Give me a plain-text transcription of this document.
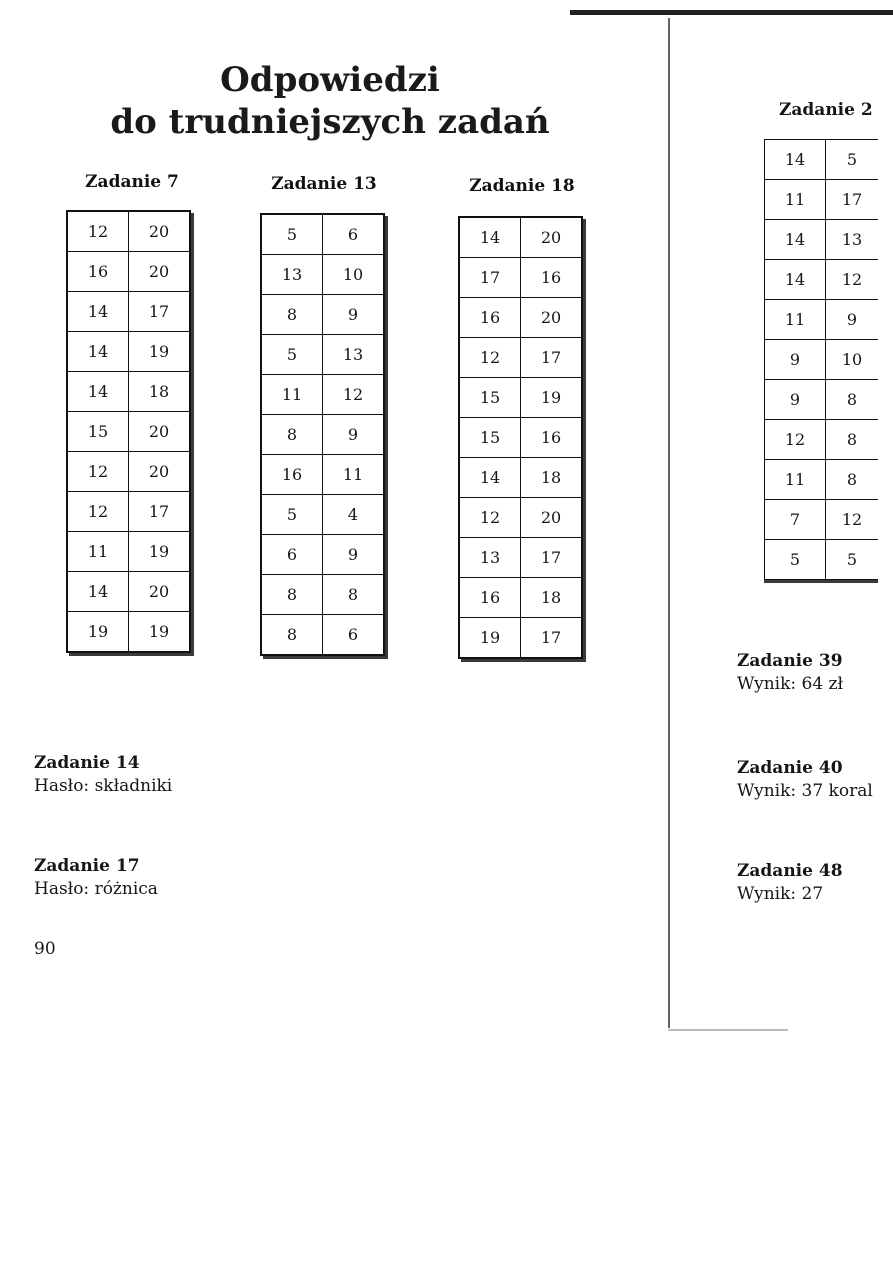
Odpowiedzi
do trudniejszych zadań
Zadanie 7
12	20
16	20
14	17
14	19
14	18
15	20
12	20
12	17
11	19
14	20
19	19
Zadanie 13
5	6
13	10
8	9
5	13
11	12
8	9
16	11
5	4
6	9
8	8
8	6
Zadanie 18
14	20
17	16
16	20
12	17
15	19
15	16
14	18
12	20
13	17
16	18
19	17
Zadanie 2
14	5
11	17
14	13
14	12
11	9
9	10
9	8
12	8
11	8
7	12
5	5
Zadanie 14
Hasło: składniki
Zadanie 17
Hasło: różnica
Zadanie 39
Wynik: 64 zł
Zadanie 40
Wynik: 37 koral
Zadanie 48
Wynik: 27
90
